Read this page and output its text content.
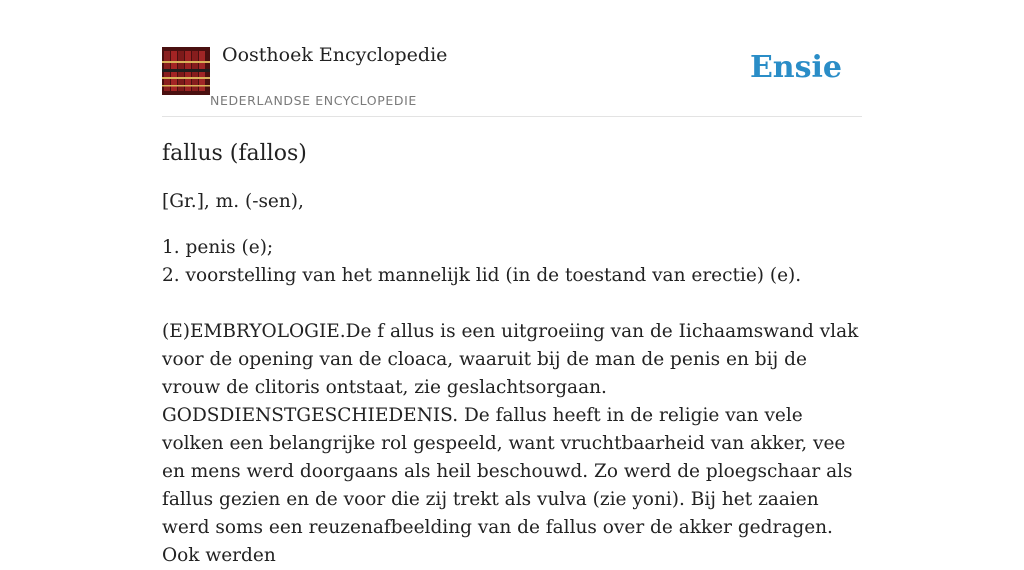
Oosthoek Encyclopedie
NEDERLANDSE ENCYCLOPEDIE
Ensie
fallus (fallos)

[Gr.], m. (-sen),

1. penis (e);
2. voorstelling van het mannelijk lid (in de toestand van erectie) (e).

(E)EMBRYOLOGIE.De f allus is een uitgroeiing van de Iichaamswand vlak voor de opening van de cloaca, waaruit bij de man de penis en bij de vrouw de clitoris ontstaat, zie geslachtsorgaan. GODSDIENSTGESCHIEDENIS. De fallus heeft in de religie van vele volken een belangrijke rol gespeeld, want vruchtbaarheid van akker, vee en mens werd doorgaans als heil beschouwd. Zo werd de ploegschaar als fallus gezien en de voor die zij trekt als vulva (zie yoni). Bij het zaaien werd soms een reuzenafbeelding van de fallus over de akker gedragen. Ook werden
